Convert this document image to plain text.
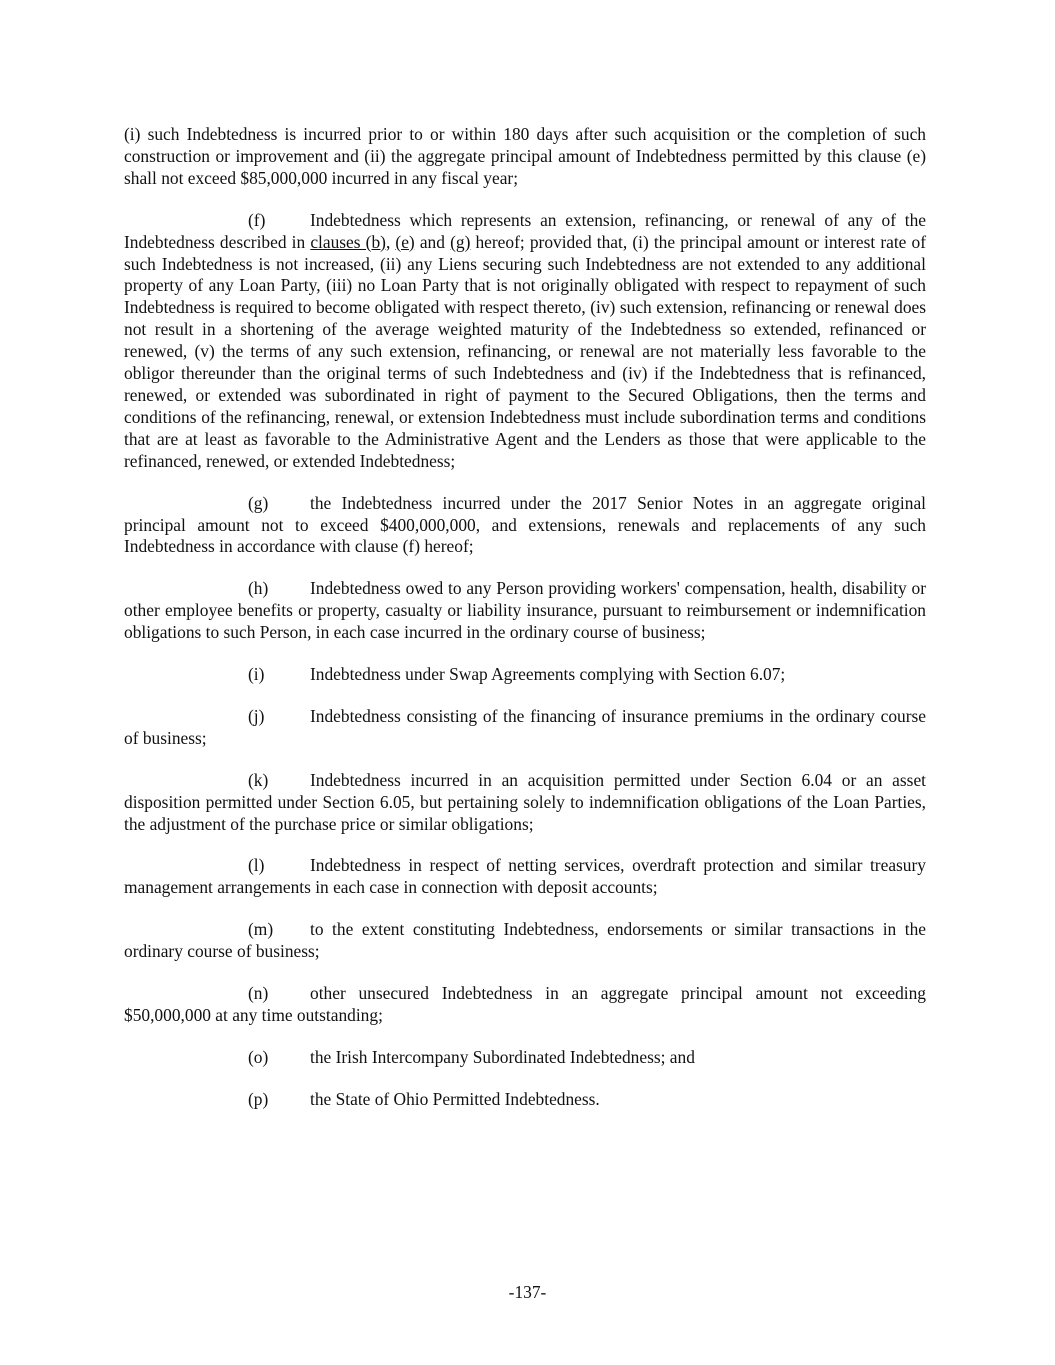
(i) such Indebtedness is incurred prior to or within 180 days after such acquisition or the completion of such construction or improvement and (ii) the aggregate principal amount of Indebtedness permitted by this clause (e) shall not exceed $85,000,000 incurred in any fiscal year;

(f)	Indebtedness which represents an extension, refinancing, or renewal of any of the Indebtedness described in clauses (b), (e) and (g) hereof; provided that, (i) the principal amount or interest rate of such Indebtedness is not increased, (ii) any Liens securing such Indebtedness are not extended to any additional property of any Loan Party, (iii) no Loan Party that is not originally obligated with respect to repayment of such Indebtedness is required to become obligated with respect thereto, (iv) such extension, refinancing or renewal does not result in a shortening of the average weighted maturity of the Indebtedness so extended, refinanced or renewed, (v) the terms of any such extension, refinancing, or renewal are not materially less favorable to the obligor thereunder than the original terms of such Indebtedness and (iv) if the Indebtedness that is refinanced, renewed, or extended was subordinated in right of payment to the Secured Obligations, then the terms and conditions of the refinancing, renewal, or extension Indebtedness must include subordination terms and conditions that are at least as favorable to the Administrative Agent and the Lenders as those that were applicable to the refinanced, renewed, or extended Indebtedness;

(g) the Indebtedness incurred under the 2017 Senior Notes in an aggregate original principal amount not to exceed $400,000,000, and extensions, renewals and replacements of any such Indebtedness in accordance with clause (f) hereof;

(h) Indebtedness owed to any Person providing workers' compensation, health, disability or other employee benefits or property, casualty or liability insurance, pursuant to reimbursement or indemnification obligations to such Person, in each case incurred in the ordinary course of business;

(i)	Indebtedness under Swap Agreements complying with Section 6.07;

(j)	Indebtedness consisting of the financing of insurance premiums in the ordinary course of business;

(k) Indebtedness incurred in an acquisition permitted under Section 6.04 or an asset disposition permitted under Section 6.05, but pertaining solely to indemnification obligations of the Loan Parties, the adjustment of the purchase price or similar obligations;

(l)	Indebtedness in respect of netting services, overdraft protection and similar treasury management arrangements in each case in connection with deposit accounts;

(m) to the extent constituting Indebtedness, endorsements or similar transactions in the ordinary course of business;

(n) other unsecured Indebtedness in an aggregate principal amount not exceeding $50,000,000 at any time outstanding;

(o) the Irish Intercompany Subordinated Indebtedness; and

(p) the State of Ohio Permitted Indebtedness.

-137-
